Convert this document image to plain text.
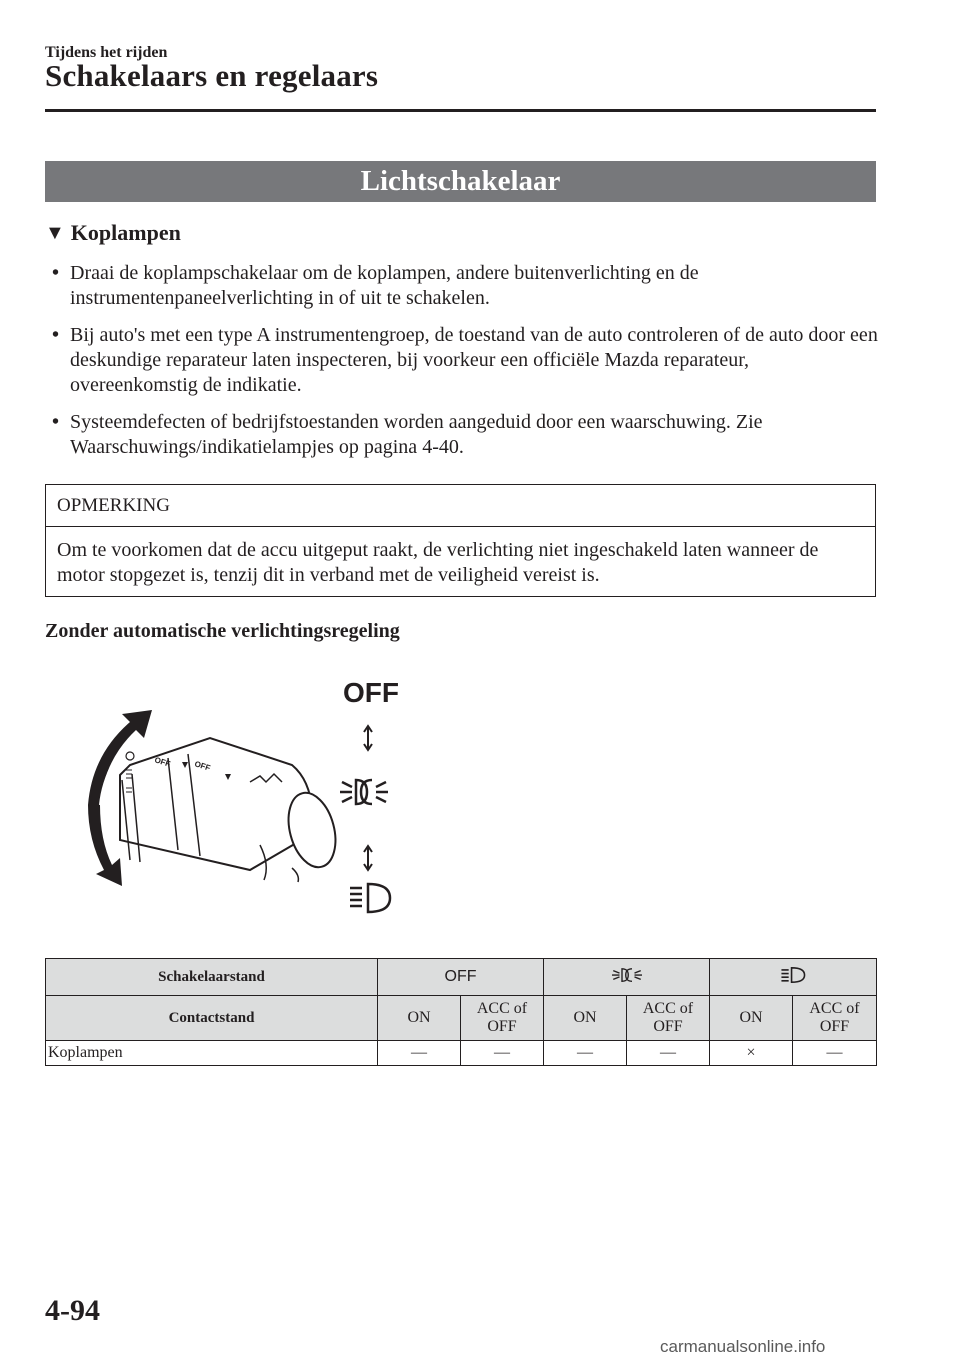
Tijdens het rijden
Schakelaars en regelaars
Lichtschakelaar
▼ Koplampen
• Draai de koplampschakelaar om de koplampen, andere buitenverlichting en de instrumentenpaneelverlichting in of uit te schakelen.
• Bij auto's met een type A instrumentengroep, de toestand van de auto controleren of de auto door een deskundige reparateur laten inspecteren, bij voorkeur een officiële Mazda reparateur, overeenkomstig de indikatie.
• Systeemdefecten of bedrijfstoestanden worden aangeduid door een waarschuwing. Zie Waarschuwings/indikatielampjes op pagina 4-40.
OPMERKING
Om te voorkomen dat de accu uitgeput raakt, de verlichting niet ingeschakeld laten wanneer de motor stopgezet is, tenzij dit in verband met de veiligheid vereist is.
Zonder automatische verlichtingsregeling
OFF
OFF	OFF
Schakelaarstand	OFF		
Contactstand	ON	ACC of OFF	ON	ACC of OFF	ON	ACC of OFF
Koplampen	—	—	—	—	×	—
4-94
carmanualsonline.info
